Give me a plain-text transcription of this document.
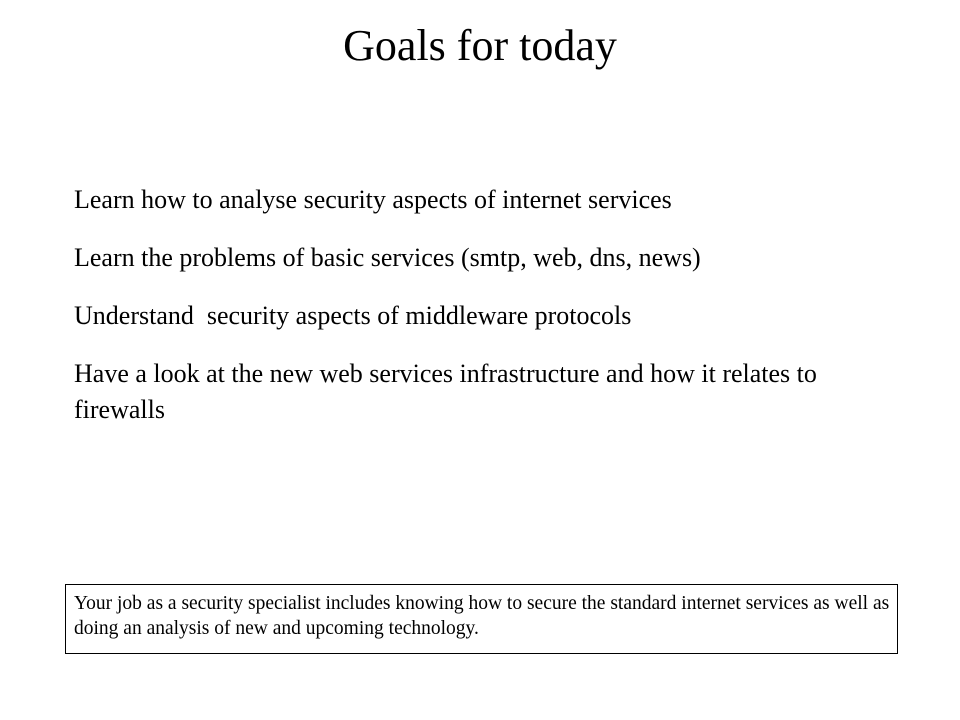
Goals for today
Learn how to analyse security aspects of internet services
Learn the problems of basic services (smtp, web, dns, news)
Understand  security aspects of middleware protocols
Have a look at the new web services infrastructure and how it relates to firewalls
Your job as a security specialist includes knowing how to secure the standard internet services as well as doing an analysis of new and upcoming technology.
